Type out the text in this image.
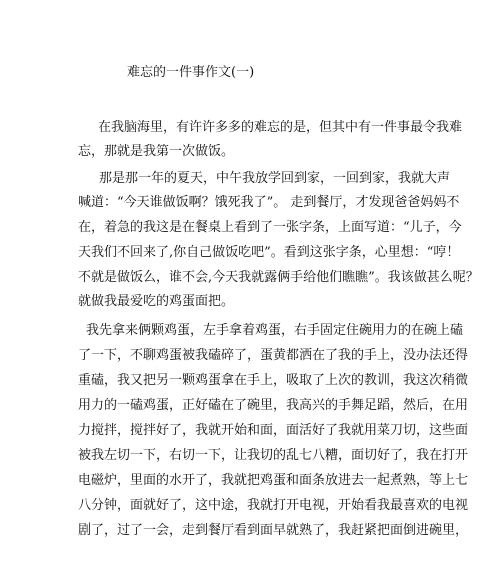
难忘的一件事作文(一)
在我脑海里，有许许多多的难忘的是，但其中有一件事最令我难
忘，那就是我第一次做饭。
那是那一年的夏天，中午我放学回到家，一回到家，我就大声
喊道：“今天谁做饭啊？饿死我了”。 走到餐厅，才发现爸爸妈妈不
在，着急的我这是在餐桌上看到了一张字条，上面写道：“儿子，今
天我们不回来了,你自己做饭吃吧”。看到这张字条，心里想：“哼！
不就是做饭么，谁不会,今天我就露俩手给他们瞧瞧”。我该做甚么呢？
就做我最爱吃的鸡蛋面把。
我先拿来俩颗鸡蛋，左手拿着鸡蛋，右手固定住碗用力的在碗上磕
了一下，不聊鸡蛋被我磕碎了，蛋黄都洒在了我的手上，没办法还得
重磕，我又把另一颗鸡蛋拿在手上，吸取了上次的教训，我这次稍微
用力的一磕鸡蛋，正好磕在了碗里，我高兴的手舞足蹈，然后，在用
力搅拌，搅拌好了，我就开始和面，面活好了我就用菜刀切，这些面
被我左切一下，右切一下，让我切的乱七八糟，面切好了，我在打开
电磁炉，里面的水开了，我就把鸡蛋和面条放进去一起煮熟，等上七
八分钟，面就好了，这中途，我就打开电视，开始看我最喜欢的电视
剧了，过了一会，走到餐厅看到面早就熟了，我赶紧把面倒进碗里，
